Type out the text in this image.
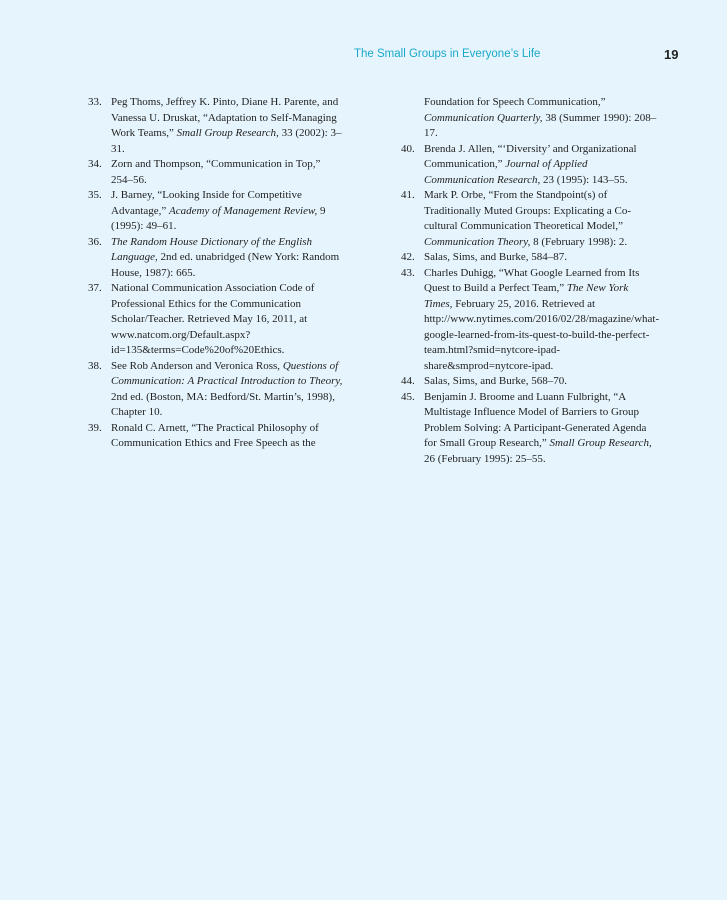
The Small Groups in Everyone’s Life	19
33. Peg Thoms, Jeffrey K. Pinto, Diane H. Parente, and Vanessa U. Druskat, “Adaptation to Self-Managing Work Teams,” Small Group Research, 33 (2002): 3–31.
34. Zorn and Thompson, “Communication in Top,” 254–56.
35. J. Barney, “Looking Inside for Competitive Advantage,” Academy of Management Review, 9 (1995): 49–61.
36. The Random House Dictionary of the English Language, 2nd ed. unabridged (New York: Random House, 1987): 665.
37. National Communication Association Code of Professional Ethics for the Communication Scholar/Teacher. Retrieved May 16, 2011, at www.natcom.org/Default.aspx?id=135&terms=Code%20of%20Ethics.
38. See Rob Anderson and Veronica Ross, Questions of Communication: A Practical Introduction to Theory, 2nd ed. (Boston, MA: Bedford/St. Martin’s, 1998), Chapter 10.
39. Ronald C. Arnett, “The Practical Philosophy of Communication Ethics and Free Speech as the
Foundation for Speech Communication,” Communication Quarterly, 38 (Summer 1990): 208–17.
40. Brenda J. Allen, “‘Diversity’ and Organizational Communication,” Journal of Applied Communication Research, 23 (1995): 143–55.
41. Mark P. Orbe, “From the Standpoint(s) of Traditionally Muted Groups: Explicating a Co-cultural Communication Theoretical Model,” Communication Theory, 8 (February 1998): 2.
42. Salas, Sims, and Burke, 584–87.
43. Charles Duhigg, “What Google Learned from Its Quest to Build a Perfect Team,” The New York Times, February 25, 2016. Retrieved at http://www.nytimes.com/2016/02/28/magazine/what-google-learned-from-its-quest-to-build-the-perfect-team.html?smid=nytcore-ipad-share&smprod=nytcore-ipad.
44. Salas, Sims, and Burke, 568–70.
45. Benjamin J. Broome and Luann Fulbright, “A Multistage Influence Model of Barriers to Group Problem Solving: A Participant-Generated Agenda for Small Group Research,” Small Group Research, 26 (February 1995): 25–55.
